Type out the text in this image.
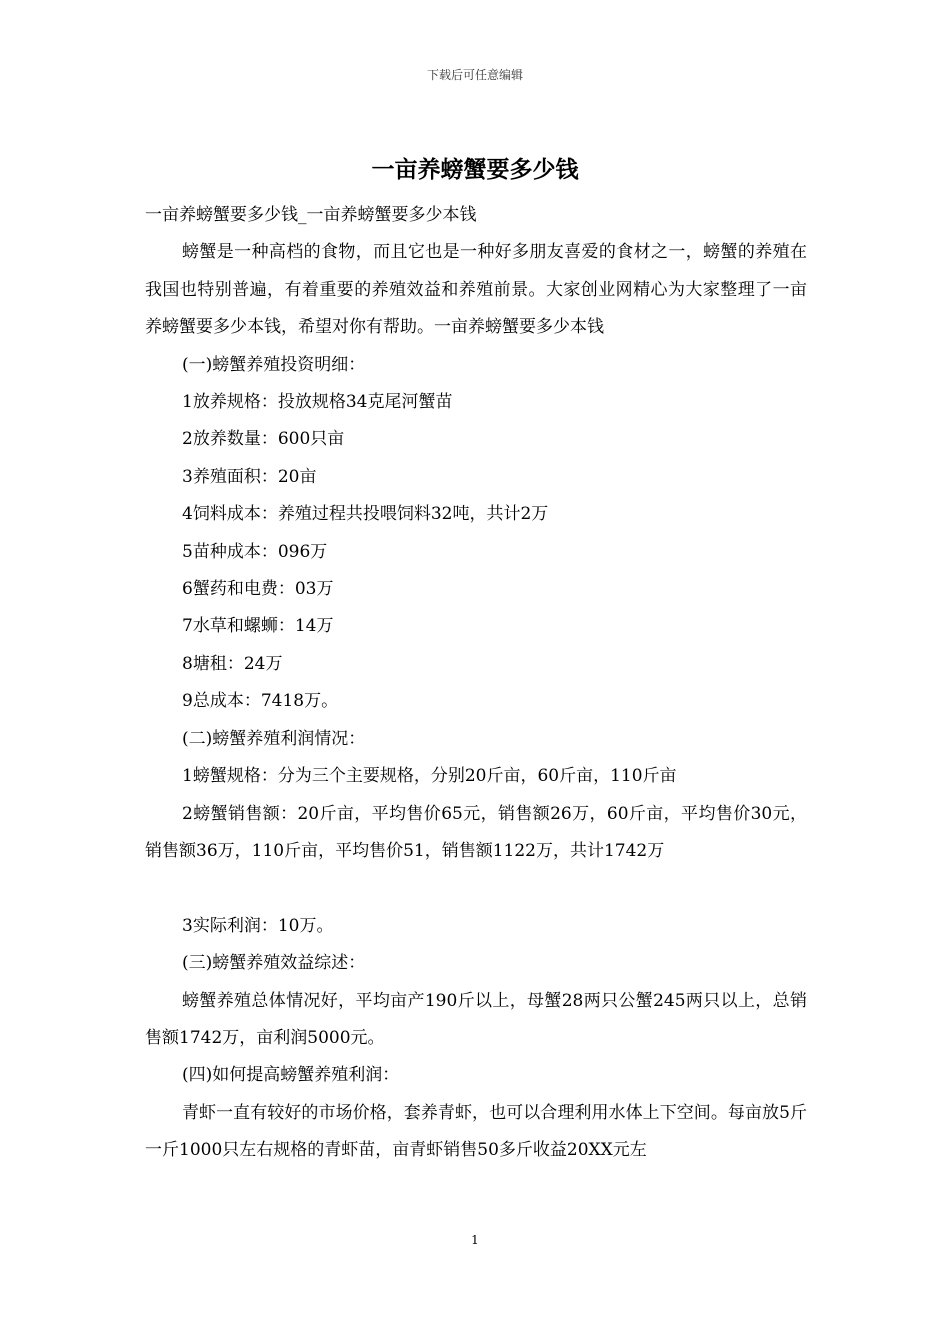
下载后可任意编辑
一亩养螃蟹要多少钱

一亩养螃蟹要多少钱_一亩养螃蟹要多少本钱

螃蟹是一种高档的食物，而且它也是一种好多朋友喜爱的食材之一，螃蟹的养殖在我国也特别普遍，有着重要的养殖效益和养殖前景。大家创业网精心为大家整理了一亩养螃蟹要多少本钱，希望对你有帮助。一亩养螃蟹要多少本钱

(一)螃蟹养殖投资明细：

1放养规格：投放规格34克尾河蟹苗

2放养数量：600只亩

3养殖面积：20亩

4饲料成本：养殖过程共投喂饲料32吨，共计2万

5苗种成本：096万

6蟹药和电费：03万

7水草和螺蛳：14万

8塘租：24万

9总成本：7418万。

(二)螃蟹养殖利润情况：

1螃蟹规格：分为三个主要规格，分别20斤亩，60斤亩，110斤亩

2螃蟹销售额：20斤亩，平均售价65元，销售额26万，60斤亩，平均售价30元，销售额36万，110斤亩，平均售价51，销售额1122万，共计1742万

3实际利润：10万。

(三)螃蟹养殖效益综述：

螃蟹养殖总体情况好，平均亩产190斤以上，母蟹28两只公蟹245两只以上，总销售额1742万，亩利润5000元。

(四)如何提高螃蟹养殖利润：

青虾一直有较好的市场价格，套养青虾，也可以合理利用水体上下空间。每亩放5斤一斤1000只左右规格的青虾苗，亩青虾销售50多斤收益20XX元左

1
